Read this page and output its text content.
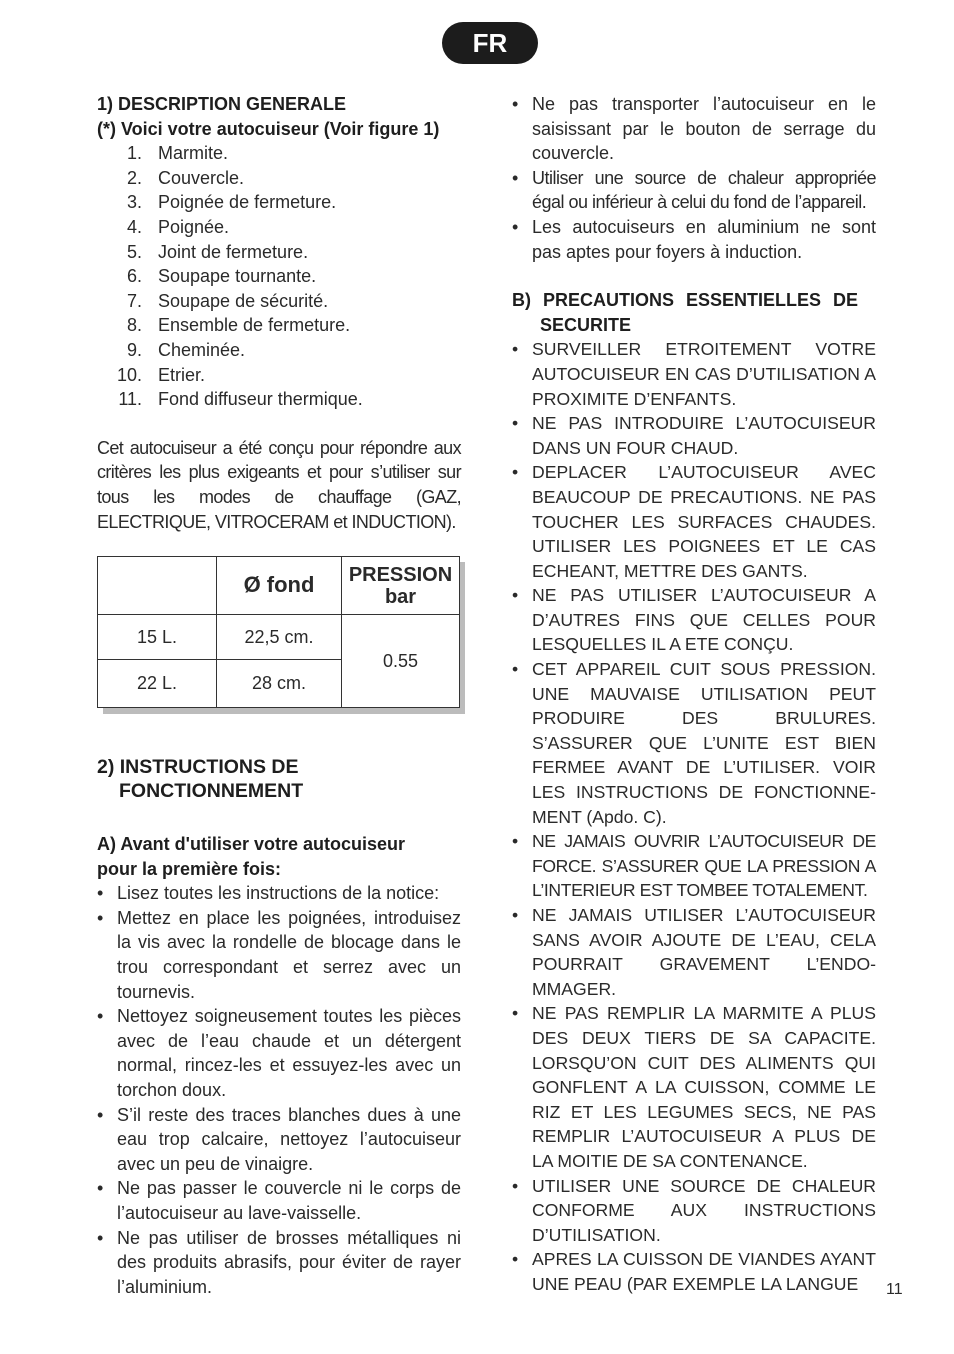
FR
1) DESCRIPTION GENERALE
(*) Voici votre autocuiseur (Voir figure 1)
1. Marmite.
2. Couvercle.
3. Poignée de fermeture.
4. Poignée.
5. Joint de fermeture.
6. Soupape tournante.
7. Soupape de sécurité.
8. Ensemble de fermeture.
9. Cheminée.
10. Etrier.
11. Fond diffuseur thermique.
Cet autocuiseur a été conçu pour répondre aux critères les plus exigeants et pour s’utiliser sur tous les modes de chauffage (GAZ, ELECTRIQUE, VITROCERAM et INDUCTION).
	Ø fond	PRESSION
bar

15 L.	22,5 cm.	0.55
22 L.	28 cm.	
2) INSTRUCTIONS DE
FONCTIONNEMENT
A) Avant d'utiliser votre autocuiseur
pour la première fois:
• Lisez toutes les instructions de la notice:
• Mettez en place les poignées, introduisez la vis avec la rondelle de blocage dans le trou correspondant et serrez avec un tournevis.
• Nettoyez soigneusement toutes les pièces avec de l’eau chaude et un détergent normal, rincez-les et essuyez-les avec un torchon doux.
• S’il reste des traces blanches dues à une eau trop calcaire, nettoyez l’autocuiseur avec un peu de vinaigre.
• Ne pas passer le couvercle ni le corps de l’autocuiseur au lave-vaisselle.
• Ne pas utiliser de brosses métalliques ni des produits abrasifs, pour éviter de rayer l’aluminium.
• Ne pas transporter l’autocuiseur en le saisissant par le bouton de serrage du couvercle.
• Utiliser une source de chaleur appropriée égal ou inférieur à celui du fond de l’appareil.
• Les autocuiseurs en aluminium ne sont pas aptes pour foyers à induction.
B) PRECAUTIONS ESSENTIELLES DE
SECURITE
• SURVEILLER ETROITEMENT VOTRE AUTOCUISEUR EN CAS D’UTILISATION A PROXIMITE D’ENFANTS.
• NE PAS INTRODUIRE L’AUTOCUISEUR DANS UN FOUR CHAUD.
• DEPLACER L’AUTOCUISEUR AVEC BEAUCOUP DE PRECAUTIONS. NE PAS TOUCHER LES SURFACES CHAUDES. UTILISER LES POIGNEES ET LE CAS ECHEANT, METTRE DES GANTS.
• NE PAS UTILISER L’AUTOCUISEUR A D’AUTRES FINS QUE CELLES POUR LESQUELLES IL A ETE CONÇU.
• CET APPAREIL CUIT SOUS PRESSION. UNE MAUVAISE UTILISATION PEUT PRODUIRE DES BRULURES. S’ASSURER QUE L’UNITE EST BIEN FERMEE AVANT DE L’UTILISER. VOIR LES INSTRUCTIONS DE FONCTIONNE-MENT (Apdo. C).
• NE JAMAIS OUVRIR L’AUTOCUISEUR DE FORCE. S’ASSURER QUE LA PRESSION A L’INTERIEUR EST TOMBEE TOTALEMENT.
• NE JAMAIS UTILISER L’AUTOCUISEUR SANS AVOIR AJOUTE DE L’EAU, CELA POURRAIT GRAVEMENT L’ENDO-MMAGER.
• NE PAS REMPLIR LA MARMITE A PLUS DES DEUX TIERS DE SA CAPACITE. LORSQU’ON CUIT DES ALIMENTS QUI GONFLENT A LA CUISSON, COMME LE RIZ ET LES LEGUMES SECS, NE PAS REMPLIR L’AUTOCUISEUR A PLUS DE LA MOITIE DE SA CONTENANCE.
• UTILISER UNE SOURCE DE CHALEUR CONFORME AUX INSTRUCTIONS D’UTILISATION.
• APRES LA CUISSON DE VIANDES AYANT UNE PEAU (PAR EXEMPLE LA LANGUE	11
